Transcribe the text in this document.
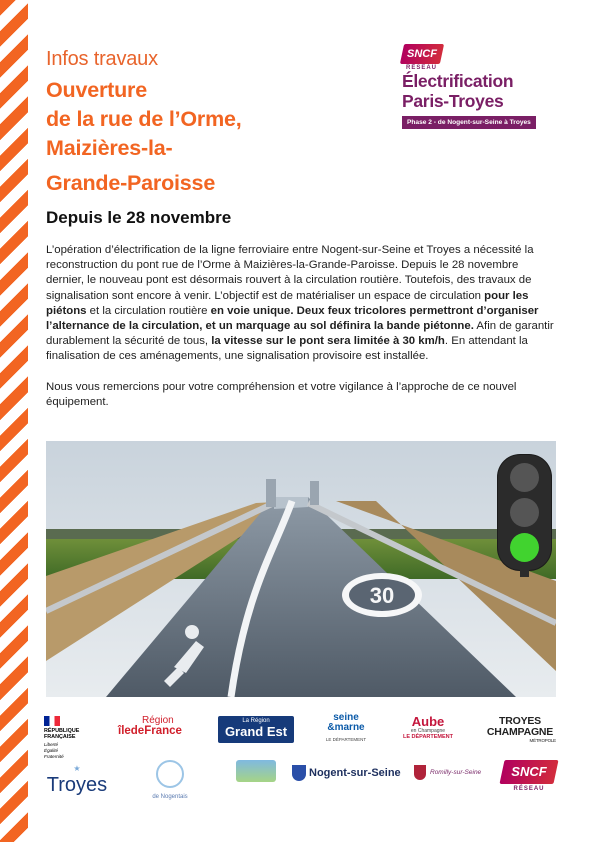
Infos travaux
Ouverture
de la rue de l’Orme,
Maizières-la-
Grande-Paroisse
SNCF
RÉSEAU
Électrification
Paris-Troyes
Phase 2 - de Nogent-sur-Seine à Troyes
Depuis le 28 novembre

L’opération d’électrification de la ligne ferroviaire entre Nogent-sur-Seine et Troyes a nécessité la reconstruction du pont rue de l’Orme à Maizières-la-Grande-Paroisse. Depuis le 28 novembre dernier, le nouveau pont est désormais rouvert à la circulation routière. Toutefois, des travaux de signalisation sont encore à venir. L’objectif est de matérialiser un espace de circulation pour les piétons et la circulation routière en voie unique. Deux feux tricolores permettront d’organiser l’alternance de la circulation, et un marquage au sol définira la bande piétonne. Afin de garantir durablement la sécurité de tous, la vitesse sur le pont sera limitée à 30 km/h. En attendant la finalisation de ces aménagements, une signalisation provisoire est installée.

Nous vous remercions pour votre compréhension et votre vigilance à l’approche de ce nouvel équipement.

30
RÉPUBLIQUE
FRANÇAISE
Liberté
Égalité
Fraternité
Région
îledeFrance
La Région
Grand Est
seine
&marne
LE DÉPARTEMENT
Aube
en Champagne
LE DÉPARTEMENT
TROYES
CHAMPAGNE
MÉTROPOLE
★
Troyes
de Nogentais
Nogent-sur-Seine	Romilly-sur-Seine	SNCF
RÉSEAU
